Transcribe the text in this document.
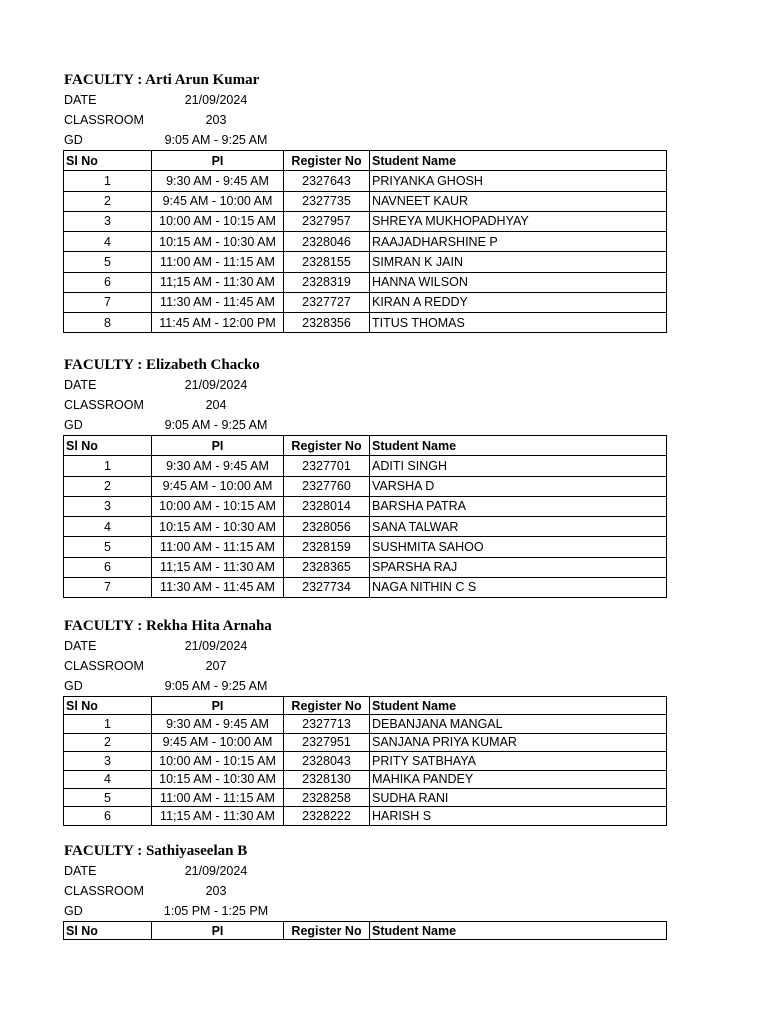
FACULTY : Arti Arun Kumar
DATE	21/09/2024
CLASSROOM	203
GD	9:05 AM - 9:25 AM
Sl No	PI	Register No	Student Name
1	9:30 AM - 9:45 AM	2327643	PRIYANKA GHOSH
2	9:45 AM - 10:00 AM	2327735	NAVNEET KAUR
3	10:00 AM - 10:15 AM	2327957	SHREYA MUKHOPADHYAY
4	10:15 AM - 10:30 AM	2328046	RAAJADHARSHINE P
5	11:00 AM - 11:15 AM	2328155	SIMRAN K JAIN
6	11;15 AM - 11:30 AM	2328319	HANNA WILSON
7	11:30 AM - 11:45 AM	2327727	KIRAN A REDDY
8	11:45 AM - 12:00 PM	2328356	TITUS THOMAS
FACULTY : Elizabeth Chacko
DATE	21/09/2024
CLASSROOM	204
GD	9:05 AM - 9:25 AM
Sl No	PI	Register No	Student Name
1	9:30 AM - 9:45 AM	2327701	ADITI SINGH
2	9:45 AM - 10:00 AM	2327760	VARSHA D
3	10:00 AM - 10:15 AM	2328014	BARSHA PATRA
4	10:15 AM - 10:30 AM	2328056	SANA TALWAR
5	11:00 AM - 11:15 AM	2328159	SUSHMITA SAHOO
6	11;15 AM - 11:30 AM	2328365	SPARSHA RAJ
7	11:30 AM - 11:45 AM	2327734	NAGA NITHIN C S
FACULTY : Rekha Hita Arnaha
DATE	21/09/2024
CLASSROOM	207
GD	9:05 AM - 9:25 AM
Sl No	PI	Register No	Student Name
1	9:30 AM - 9:45 AM	2327713	DEBANJANA MANGAL
2	9:45 AM - 10:00 AM	2327951	SANJANA PRIYA KUMAR
3	10:00 AM - 10:15 AM	2328043	PRITY SATBHAYA
4	10:15 AM - 10:30 AM	2328130	MAHIKA PANDEY
5	11:00 AM - 11:15 AM	2328258	SUDHA RANI
6	11;15 AM - 11:30 AM	2328222	HARISH S
FACULTY : Sathiyaseelan B
DATE	21/09/2024
CLASSROOM	203
GD	1:05 PM - 1:25 PM
Sl No	PI	Register No	Student Name
